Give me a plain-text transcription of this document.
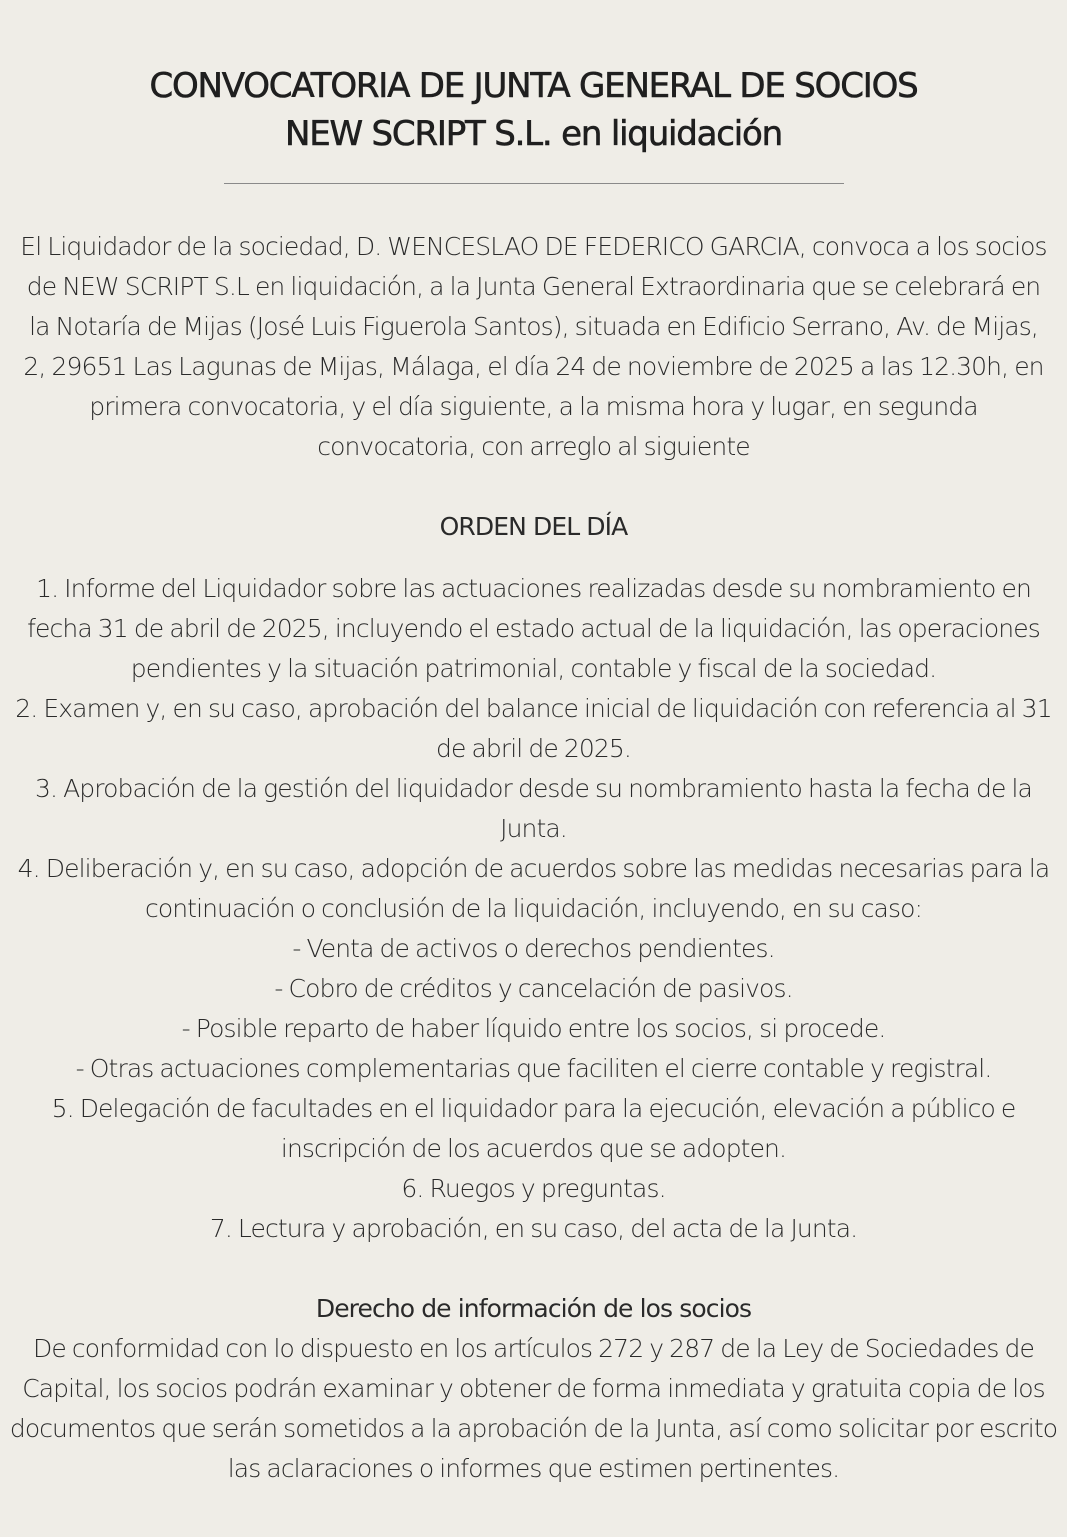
CONVOCATORIA DE JUNTA GENERAL DE SOCIOS
NEW SCRIPT S.L. en liquidación

El Liquidador de la sociedad, D. WENCESLAO DE FEDERICO GARCIA, convoca a los socios de NEW SCRIPT S.L en liquidación, a la Junta General Extraordinaria que se celebrará en la Notaría de Mijas (José Luis Figuerola Santos), situada en Edificio Serrano, Av. de Mijas, 2, 29651 Las Lagunas de Mijas, Málaga, el día 24 de noviembre de 2025 a las 12.30h, en primera convocatoria, y el día siguiente, a la misma hora y lugar, en segunda convocatoria, con arreglo al siguiente

ORDEN DEL DÍA
1. Informe del Liquidador sobre las actuaciones realizadas desde su nombramiento en fecha 31 de abril de 2025, incluyendo el estado actual de la liquidación, las operaciones pendientes y la situación patrimonial, contable y fiscal de la sociedad.
2. Examen y, en su caso, aprobación del balance inicial de liquidación con referencia al 31 de abril de 2025.
3. Aprobación de la gestión del liquidador desde su nombramiento hasta la fecha de la Junta.
4. Deliberación y, en su caso, adopción de acuerdos sobre las medidas necesarias para la continuación o conclusión de la liquidación, incluyendo, en su caso:
- Venta de activos o derechos pendientes.
- Cobro de créditos y cancelación de pasivos.
- Posible reparto de haber líquido entre los socios, si procede.
- Otras actuaciones complementarias que faciliten el cierre contable y registral.
5. Delegación de facultades en el liquidador para la ejecución, elevación a público e inscripción de los acuerdos que se adopten.
6. Ruegos y preguntas.
7. Lectura y aprobación, en su caso, del acta de la Junta.
Derecho de información de los socios

De conformidad con lo dispuesto en los artículos 272 y 287 de la Ley de Sociedades de Capital, los socios podrán examinar y obtener de forma inmediata y gratuita copia de los documentos que serán sometidos a la aprobación de la Junta, así como solicitar por escrito las aclaraciones o informes que estimen pertinentes.
